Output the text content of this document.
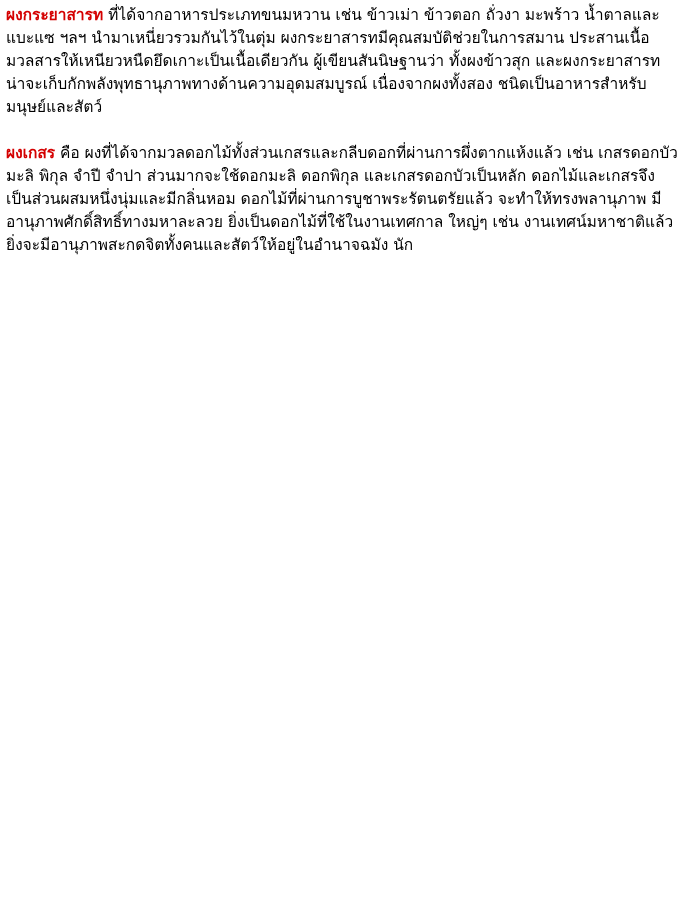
ผงกระยาสารท ที่ได้จากอาหารประเภทขนมหวาน เช่น ข้าวเม่า ข้าวตอก ถั่วงา มะพร้าว น้ำตาลและแบะแซ ฯลฯ นำมาเหนี่ยวรวมกันไว้ในตุ่ม ผงกระยาสารทมีคุณสมบัติช่วยในการสมาน ประสานเนื้อมวลสารให้เหนียวหนืดยึดเกาะเป็นเนื้อเดียวกัน ผู้เขียนสันนิษฐานว่า ทั้งผงข้าวสุก และผงกระยาสารทน่าจะเก็บกักพลังพุทธานุภาพทางด้านความอุดมสมบูรณ์ เนื่องจากผงทั้งสอง ชนิดเป็นอาหารสำหรับมนุษย์และสัตว์

ผงเกสร คือ ผงที่ได้จากมวลดอกไม้ทั้งส่วนเกสรและกลีบดอกที่ผ่านการผึ่งตากแห้งแล้ว เช่น เกสรดอกบัว มะลิ พิกุล จำปี จำปา ส่วนมากจะใช้ดอกมะลิ ดอกพิกุล และเกสรดอกบัวเป็นหลัก ดอกไม้และเกสรจึงเป็นส่วนผสมหนึ่งนุ่มและมีกลิ่นหอม ดอกไม้ที่ผ่านการบูชาพระรัตนตรัยแล้ว จะทำให้ทรงพลานุภาพ มีอานุภาพศักดิ์สิทธิ์ทางมหาละลวย ยิ่งเป็นดอกไม้ที่ใช้ในงานเทศกาล ใหญ่ๆ เช่น งานเทศน์มหาชาติแล้ว ยิ่งจะมีอานุภาพสะกดจิตทั้งคนและสัตว์ให้อยู่ในอำนาจฉมัง นัก
